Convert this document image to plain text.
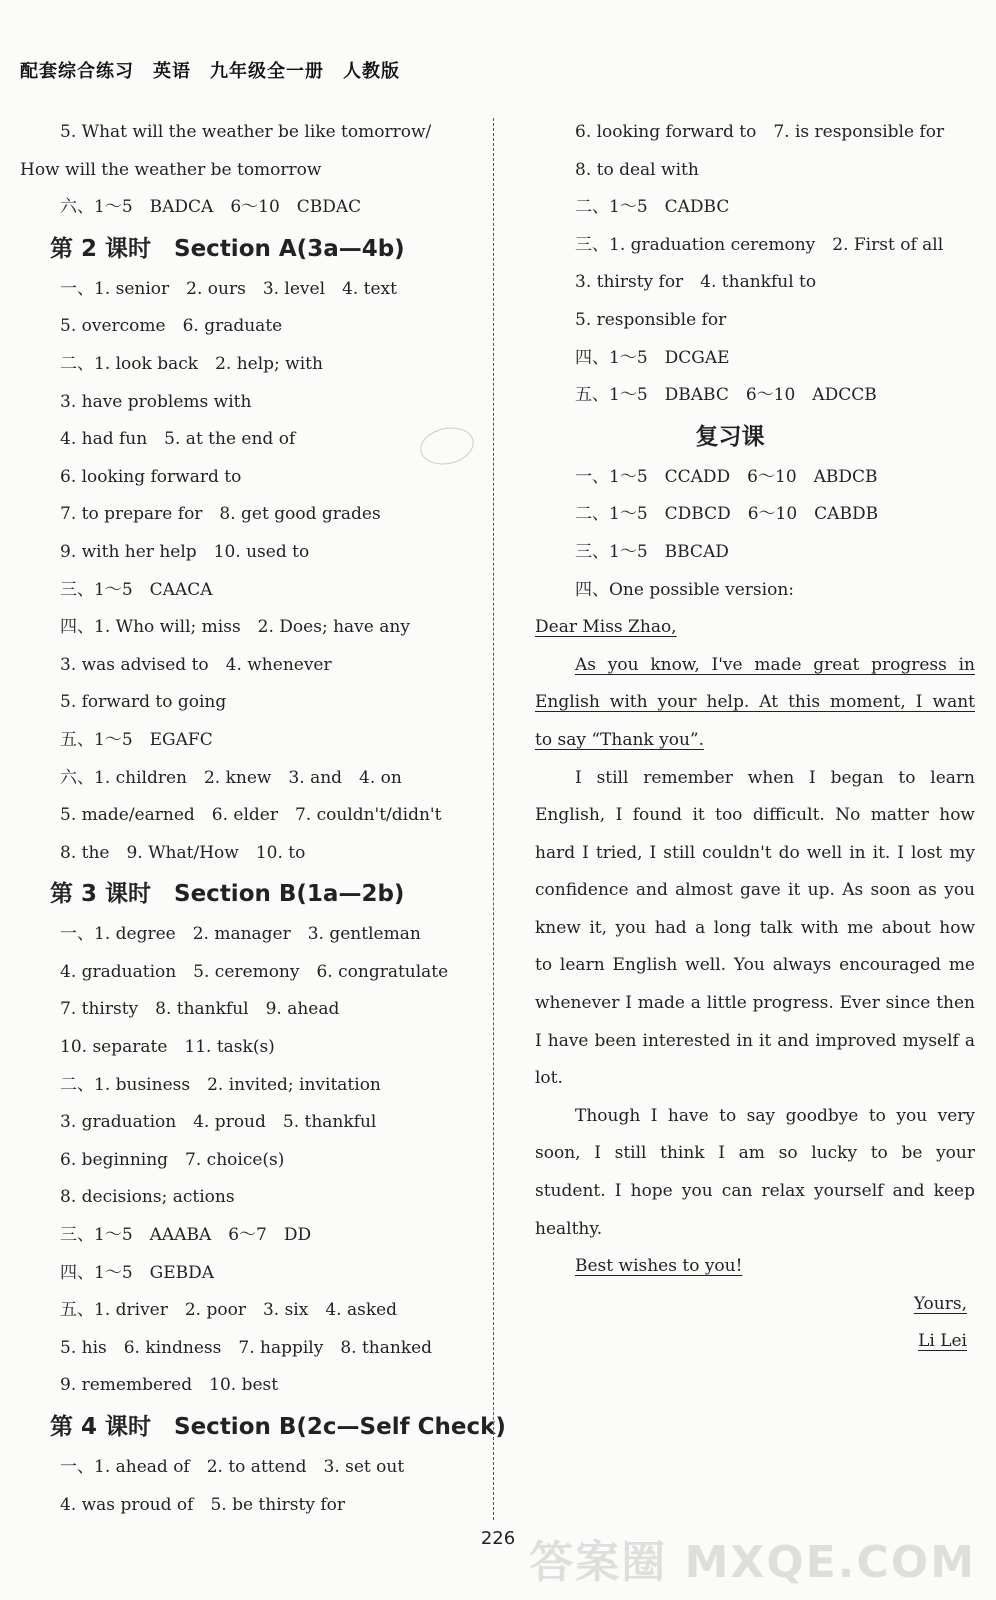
配套综合练习　英语　九年级全一册　人教版
5. What will the weather be like tomorrow/
How will the weather be tomorrow
六、1～5　BADCA　6～10　CBDAC
第 2 课时　Section A(3a—4b)
一、1. senior　2. ours　3. level　4. text
5. overcome　6. graduate
二、1. look back　2. help; with
3. have problems with
4. had fun　5. at the end of
6. looking forward to
7. to prepare for　8. get good grades
9. with her help　10. used to
三、1～5　CAACA
四、1. Who will; miss　2. Does; have any
3. was advised to　4. whenever
5. forward to going
五、1～5　EGAFC
六、1. children　2. knew　3. and　4. on
5. made/earned　6. elder　7. couldn't/didn't
8. the　9. What/How　10. to
第 3 课时　Section B(1a—2b)
一、1. degree　2. manager　3. gentleman
4. graduation　5. ceremony　6. congratulate
7. thirsty　8. thankful　9. ahead
10. separate　11. task(s)
二、1. business　2. invited; invitation
3. graduation　4. proud　5. thankful
6. beginning　7. choice(s)
8. decisions; actions
三、1～5　AAABA　6～7　DD
四、1～5　GEBDA
五、1. driver　2. poor　3. six　4. asked
5. his　6. kindness　7. happily　8. thanked
9. remembered　10. best
第 4 课时　Section B(2c—Self Check)
一、1. ahead of　2. to attend　3. set out
4. was proud of　5. be thirsty for
6. looking forward to　7. is responsible for
8. to deal with
二、1～5　CADBC
三、1. graduation ceremony　2. First of all
3. thirsty for　4. thankful to
5. responsible for
四、1～5　DCGAE
五、1～5　DBABC　6～10　ADCCB
复习课
一、1～5　CCADD　6～10　ABDCB
二、1～5　CDBCD　6～10　CABDB
三、1～5　BBCAD
四、One possible version:
Dear Miss Zhao,
As you know, I've made great progress in
English with your help. At this moment, I want
to say “Thank you”.
I still remember when I began to learn
English, I found it too difficult. No matter how
hard I tried, I still couldn't do well in it. I lost my
confidence and almost gave it up. As soon as you
knew it, you had a long talk with me about how
to learn English well. You always encouraged me
whenever I made a little progress. Ever since then
I have been interested in it and improved myself a
lot.
Though I have to say goodbye to you very
soon, I still think I am so lucky to be your
student. I hope you can relax yourself and keep
healthy.
Best wishes to you!
Yours,
Li Lei
226 答案圈 MXQE.COM
